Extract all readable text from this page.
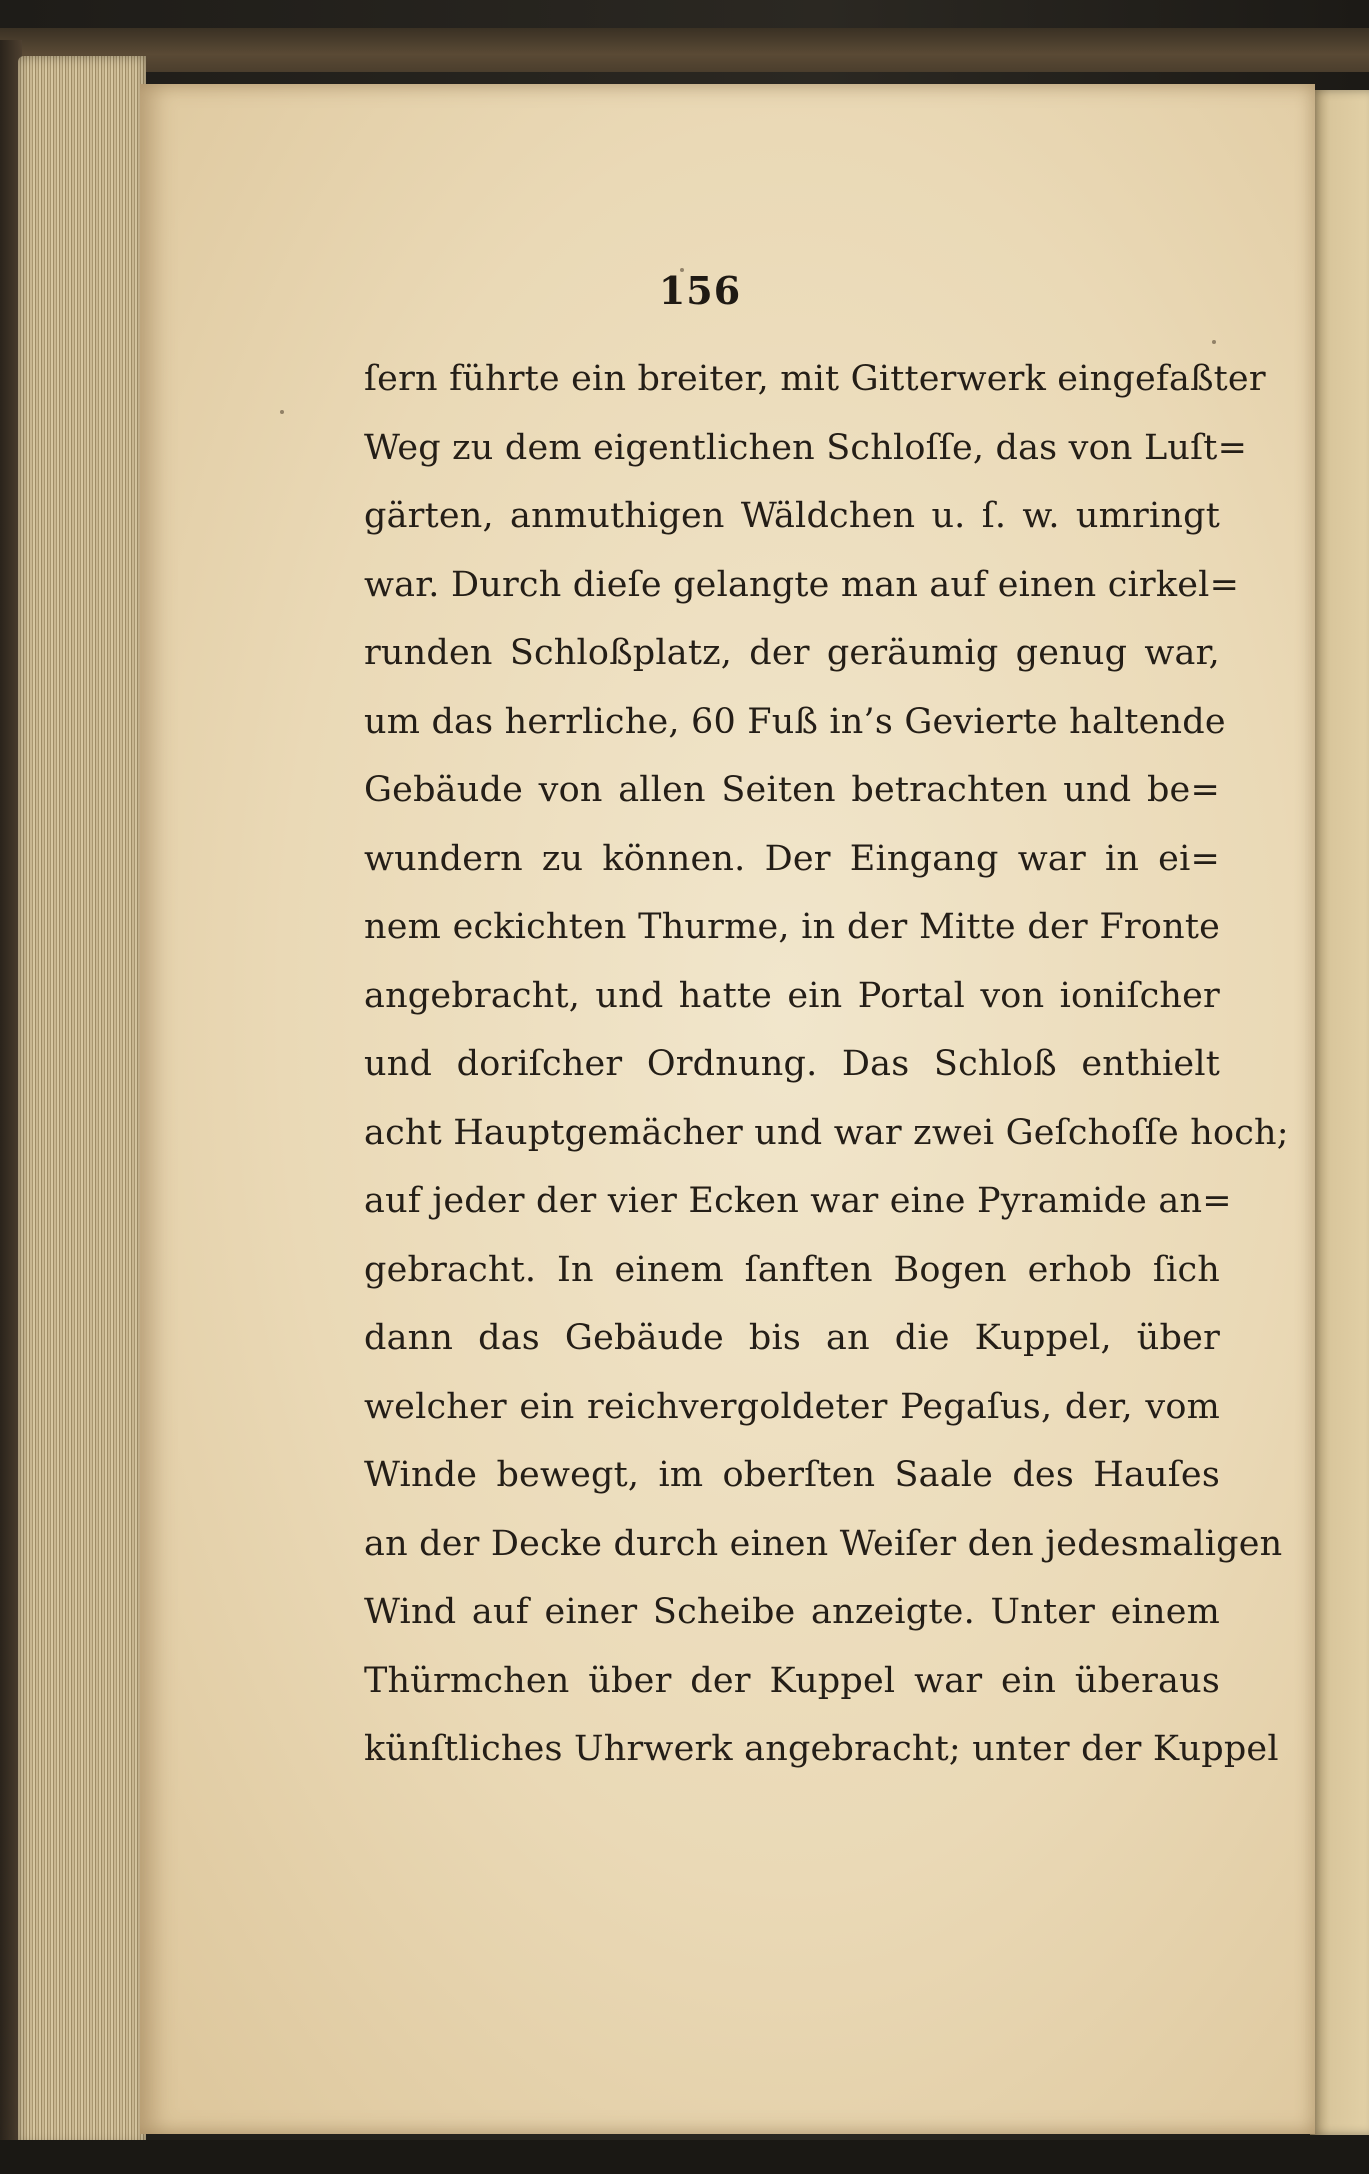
156
ſern führte ein breiter, mit Gitterwerk eingefaßter
Weg zu dem eigentlichen Schloſſe, das von Luſt=
gärten, anmuthigen Wäldchen u. ſ. w. umringt
war. Durch dieſe gelangte man auf einen cirkel=
runden Schloßplatz, der geräumig genug war,
um das herrliche, 60 Fuß in’s Gevierte haltende
Gebäude von allen Seiten betrachten und be=
wundern zu können. Der Eingang war in ei=
nem eckichten Thurme, in der Mitte der Fronte
angebracht, und hatte ein Portal von ioniſcher
und doriſcher Ordnung. Das Schloß enthielt
acht Hauptgemächer und war zwei Geſchoſſe hoch;
auf jeder der vier Ecken war eine Pyramide an=
gebracht. In einem ſanften Bogen erhob ſich
dann das Gebäude bis an die Kuppel, über
welcher ein reichvergoldeter Pegaſus, der, vom
Winde bewegt, im oberſten Saale des Hauſes
an der Decke durch einen Weiſer den jedesmaligen
Wind auf einer Scheibe anzeigte. Unter einem
Thürmchen über der Kuppel war ein überaus
künſtliches Uhrwerk angebracht; unter der Kuppel
